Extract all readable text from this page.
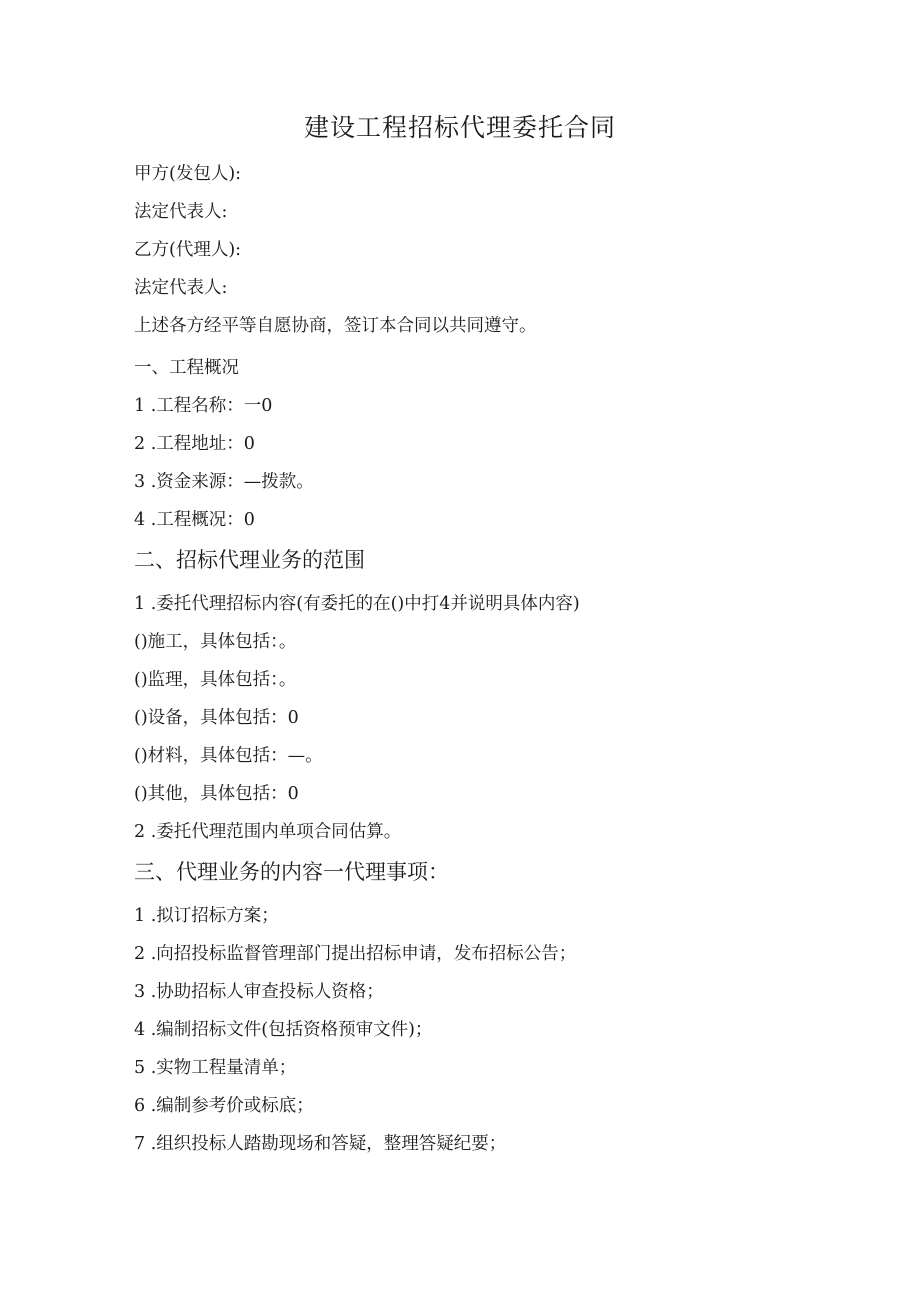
建设工程招标代理委托合同
甲方(发包人):
法定代表人:
乙方(代理人):
法定代表人:
上述各方经平等自愿协商，签订本合同以共同遵守。
一、工程概况
1 .工程名称：一0
2 .工程地址：0
3 .资金来源：—拨款。
4 .工程概况：0
二、招标代理业务的范围
1 .委托代理招标内容(有委托的在()中打4并说明具体内容)
()施工，具体包括：。
()监理，具体包括：。
()设备，具体包括：0
()材料，具体包括：—。
()其他，具体包括：0
2 .委托代理范围内单项合同估算。
三、代理业务的内容一代理事项：
1 .拟订招标方案；
2 .向招投标监督管理部门提出招标申请，发布招标公告；
3 .协助招标人审查投标人资格；
4 .编制招标文件(包括资格预审文件)；
5 .实物工程量清单；
6 .编制参考价或标底；
7 .组织投标人踏勘现场和答疑，整理答疑纪要；
